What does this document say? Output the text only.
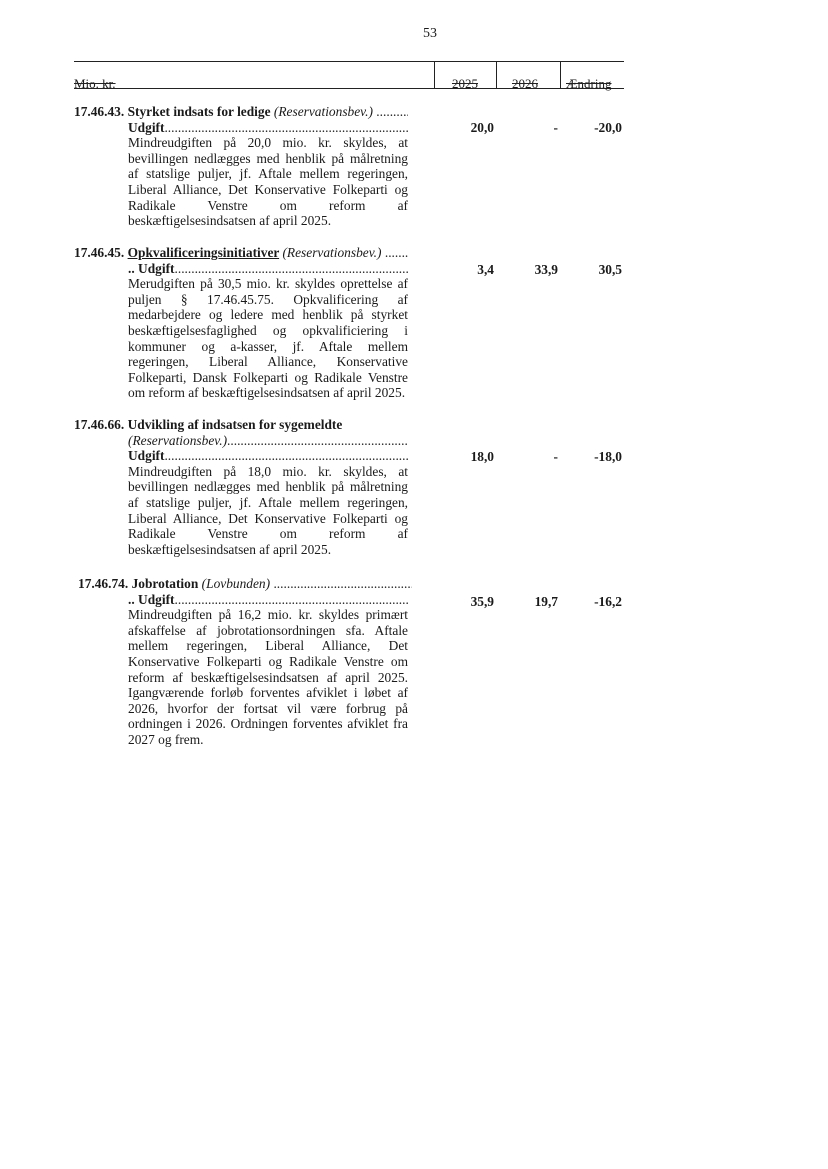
53
Mio. kr.	2025	2026 Ændring
17.46.43. Styrket indsats for ledige (Reservationsbev.) .....
Udgift .....
Mindreudgiften på 20,0 mio. kr. skyldes, at bevillingen nedlægges med henblik på målretning af statslige puljer, jf. Aftale mellem regeringen, Liberal Alliance, Det Konservative Folkeparti og Radikale Venstre om reform af beskæftigelsesindsatsen af april 2025.
20,0	-	-20,0
17.46.45. Opkvalificeringsinitiativer (Reservationsbev.) .....
.. Udgift .....
Merudgiften på 30,5 mio. kr. skyldes oprettelse af puljen § 17.46.45.75. Opkvalificering af medarbejdere og ledere med henblik på styrket beskæftigelsesfaglighed og opkvalificiering i kommuner og a-kasser, jf. Aftale mellem regeringen, Liberal Alliance, Konservative Folkeparti, Dansk Folkeparti og Radikale Venstre om reform af beskæftigelsesindsatsen af april 2025.
3,4	33,9	30,5
17.46.66. Udvikling af indsatsen for sygemeldte
(Reservationsbev.) .....
Udgift .....
Mindreudgiften på 18,0 mio. kr. skyldes, at bevillingen nedlægges med henblik på målretning af statslige puljer, jf. Aftale mellem regeringen, Liberal Alliance, Det Konservative Folkeparti og Radikale Venstre om reform af beskæftigelsesindsatsen af april 2025.
18,0	-	-18,0
17.46.74. Jobrotation (Lovbunden) .....
.. Udgift .....
Mindreudgiften på 16,2 mio. kr. skyldes primært afskaffelse af jobrotationsordningen sfa. Aftale mellem regeringen, Liberal Alliance, Det Konservative Folkeparti og Radikale Venstre om reform af beskæftigelsesindsatsen af april 2025. Igangværende forløb forventes afviklet i løbet af 2026, hvorfor der fortsat vil være forbrug på ordningen i 2026. Ordningen forventes afviklet fra 2027 og frem.
35,9	19,7	-16,2
